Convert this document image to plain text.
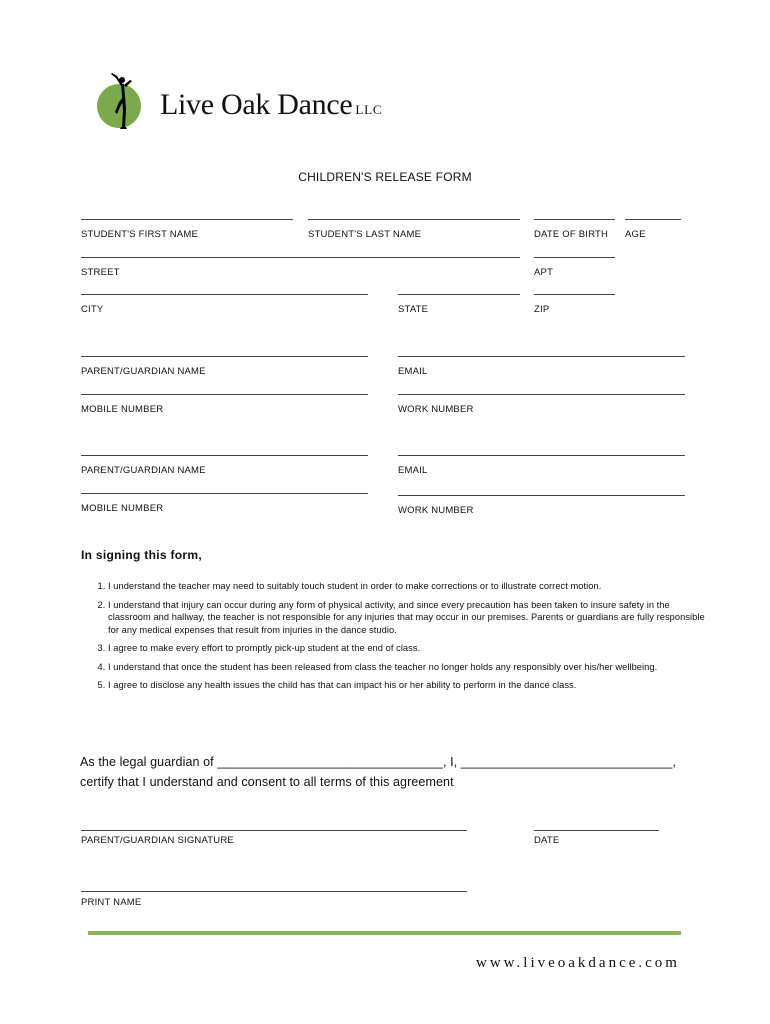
Live Oak Dance LLC
CHILDREN'S RELEASE FORM
STUDENT'S FIRST NAME	STUDENT'S LAST NAME	DATE OF BIRTH AGE
STREET	APT
CITY	STATE	ZIP
PARENT/GUARDIAN NAME	EMAIL
MOBILE NUMBER	WORK NUMBER
PARENT/GUARDIAN NAME	EMAIL
MOBILE NUMBER	WORK NUMBER
In signing this form,
1. I understand the teacher may need to suitably touch student in order to make corrections or to illustrate correct motion.
2. I understand that injury can occur during any form of physical activity, and since every precaution has been taken to insure safety in the classroom and hallway, the teacher is not responsible for any injuries that may occur in our premises. Parents or guardians are fully responsible for any medical expenses that result from injuries in the dance studio.
3. I agree to make every effort to promptly pick-up student at the end of class.
4. I understand that once the student has been released from class the teacher no longer holds any responsibly over his/her wellbeing.
5. I agree to disclose any health issues the child has that can impact his or her ability to perform in the dance class.
As the legal guardian of ________________________________, I, ______________________________,
certify that I understand and consent to all terms of this agreement
PARENT/GUARDIAN SIGNATURE	DATE
PRINT NAME
www.liveoakdance.com
